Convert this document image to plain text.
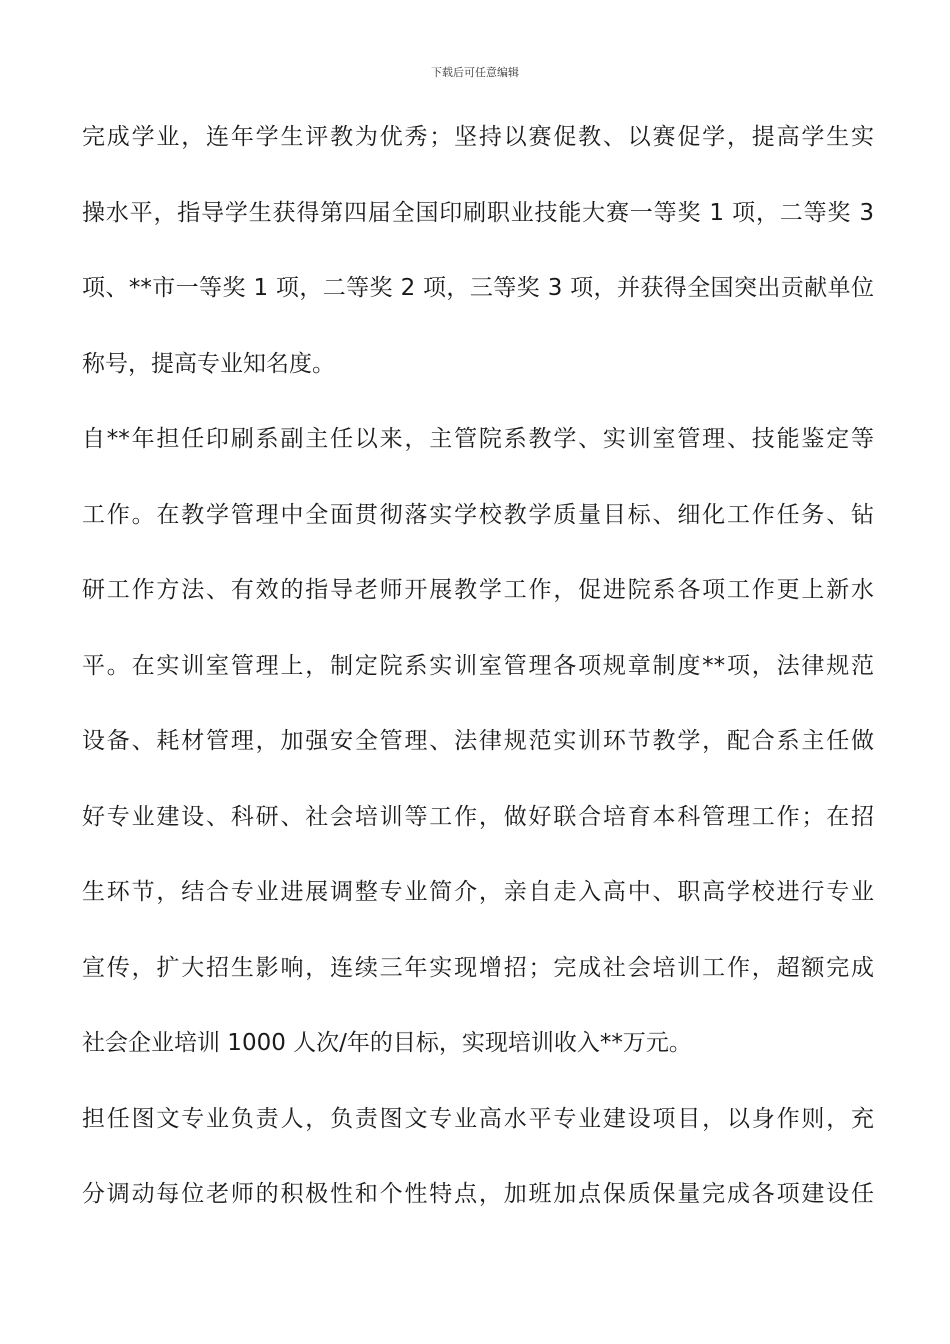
下载后可任意编辑
完成学业，连年学生评教为优秀；坚持以赛促教、以赛促学，提高学生实
操水平，指导学生获得第四届全国印刷职业技能大赛一等奖 1 项，二等奖 3
项、**市一等奖 1 项，二等奖 2 项，三等奖 3 项，并获得全国突出贡献单位
称号，提高专业知名度。
自**年担任印刷系副主任以来，主管院系教学、实训室管理、技能鉴定等
工作。在教学管理中全面贯彻落实学校教学质量目标、细化工作任务、钻
研工作方法、有效的指导老师开展教学工作，促进院系各项工作更上新水
平。在实训室管理上，制定院系实训室管理各项规章制度**项，法律规范
设备、耗材管理，加强安全管理、法律规范实训环节教学，配合系主任做
好专业建设、科研、社会培训等工作，做好联合培育本科管理工作；在招
生环节，结合专业进展调整专业简介，亲自走入高中、职高学校进行专业
宣传，扩大招生影响，连续三年实现增招；完成社会培训工作，超额完成
社会企业培训 1000 人次/年的目标，实现培训收入**万元。
担任图文专业负责人，负责图文专业高水平专业建设项目，以身作则，充
分调动每位老师的积极性和个性特点，加班加点保质保量完成各项建设任
